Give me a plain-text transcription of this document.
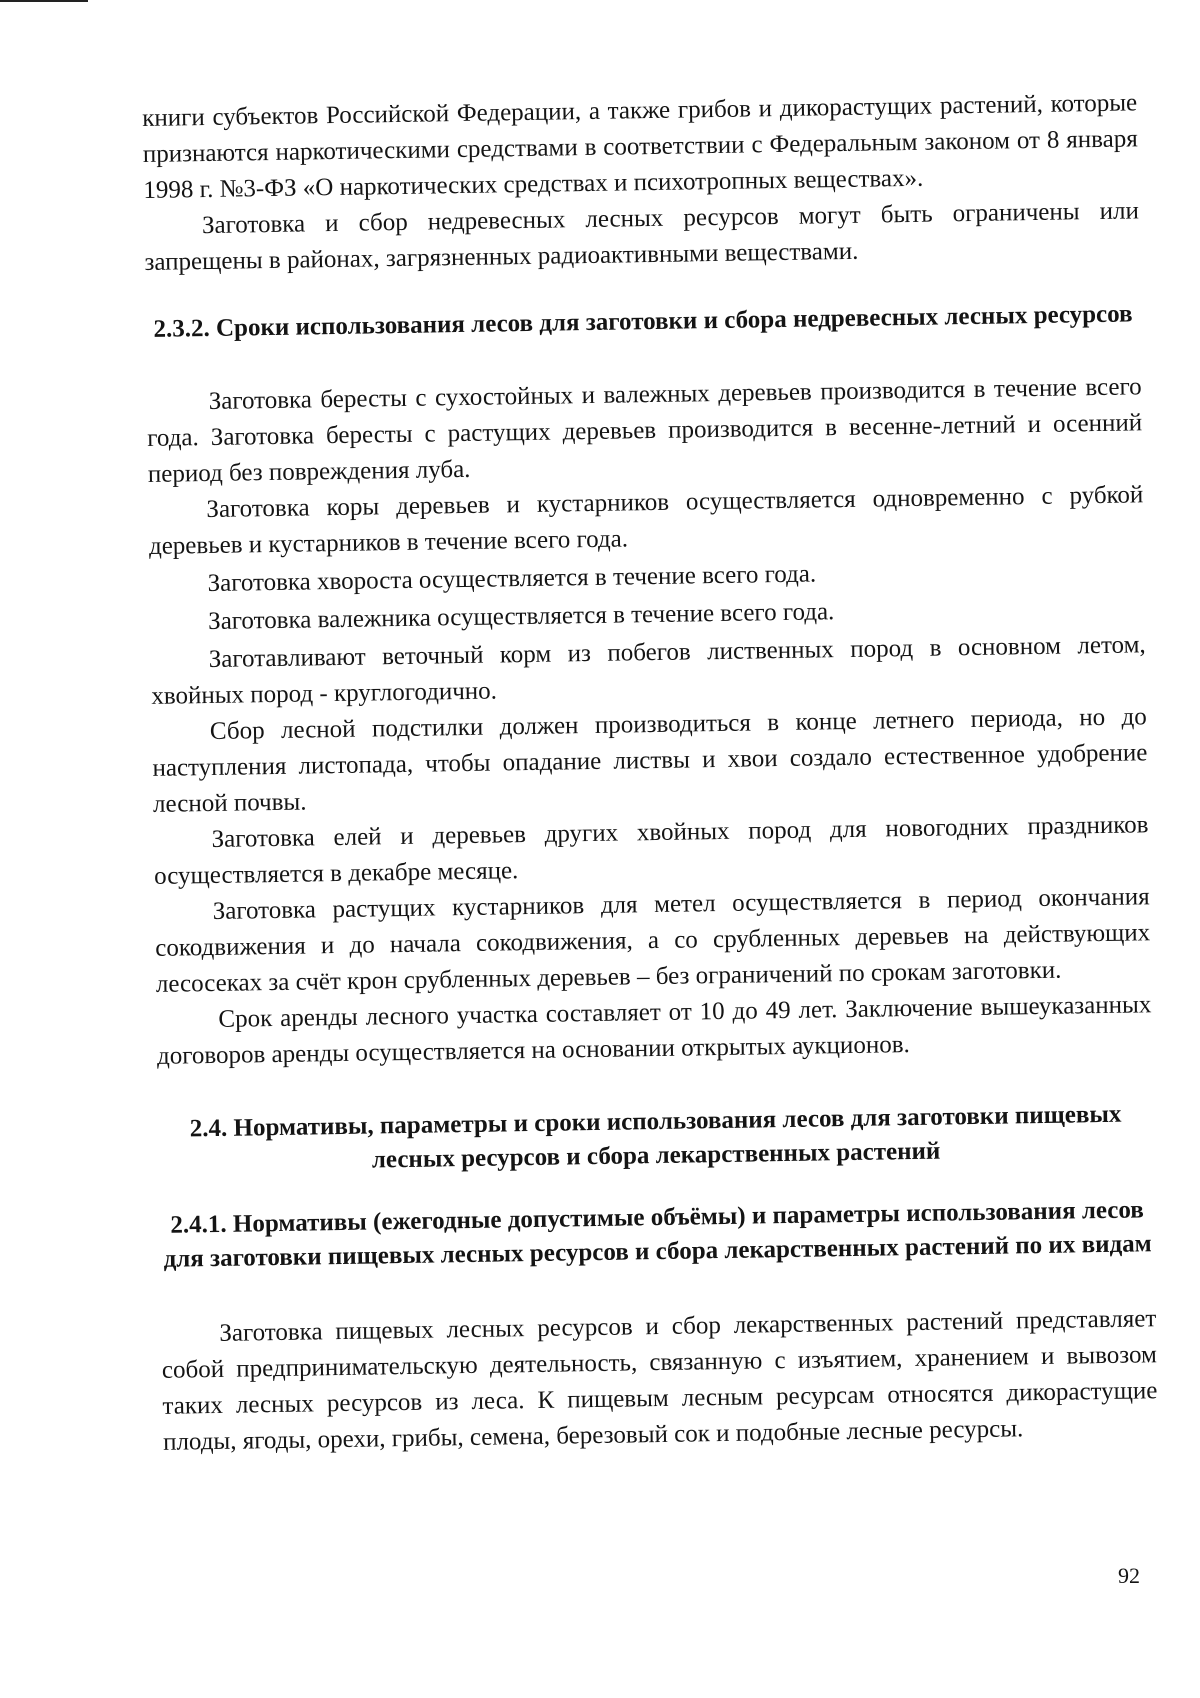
книги субъектов Российской Федерации, а также грибов и дикорастущих растений, которые признаются наркотическими средствами в соответствии с Федеральным законом от 8 января 1998 г. №3-ФЗ «О наркотических средствах и психотропных веществах».

Заготовка и сбор недревесных лесных ресурсов могут быть ограничены или запрещены в районах, загрязненных радиоактивными веществами.

2.3.2. Сроки использования лесов для заготовки и сбора недревесных лесных ресурсов

Заготовка бересты с сухостойных и валежных деревьев производится в течение всего года. Заготовка бересты с растущих деревьев производится в весенне-летний и осенний период без повреждения луба.

Заготовка коры деревьев и кустарников осуществляется одновременно с рубкой деревьев и кустарников в течение всего года.

Заготовка хвороста осуществляется в течение всего года.

Заготовка валежника осуществляется в течение всего года.

Заготавливают веточный корм из побегов лиственных пород в основном летом, хвойных пород - круглогодично.

Сбор лесной подстилки должен производиться в конце летнего периода, но до наступления листопада, чтобы опадание листвы и хвои создало естественное удобрение лесной почвы.

Заготовка елей и деревьев других хвойных пород для новогодних праздников осуществляется в декабре месяце.

Заготовка растущих кустарников для метел осуществляется в период окончания сокодвижения и до начала сокодвижения, а со срубленных деревьев на действующих лесосеках за счёт крон срубленных деревьев – без ограничений по срокам заготовки.

Срок аренды лесного участка составляет от 10 до 49 лет. Заключение вышеуказанных договоров аренды осуществляется на основании открытых аукционов.

2.4. Нормативы, параметры и сроки использования лесов для заготовки пищевых лесных ресурсов и сбора лекарственных растений
2.4.1. Нормативы (ежегодные допустимые объёмы) и параметры использования лесов для заготовки пищевых лесных ресурсов и сбора лекарственных растений по их видам

Заготовка пищевых лесных ресурсов и сбор лекарственных растений представляет собой предпринимательскую деятельность, связанную с изъятием, хранением и вывозом таких лесных ресурсов из леса. К пищевым лесным ресурсам относятся дикорастущие плоды, ягоды, орехи, грибы, семена, березовый сок и подобные лесные ресурсы.

92
